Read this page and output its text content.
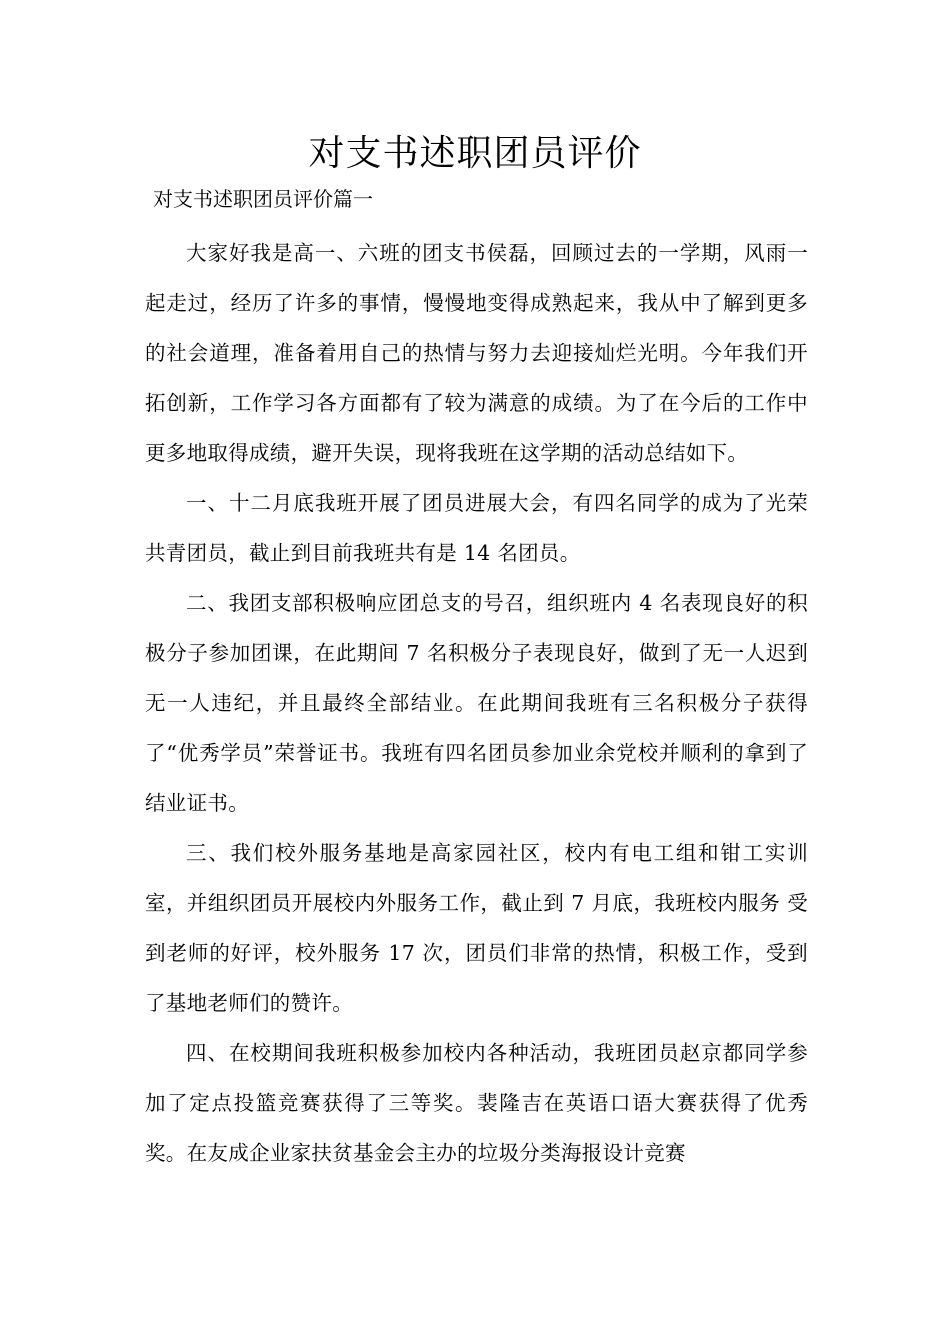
对支书述职团员评价

对支书述职团员评价篇一

大家好我是高一、六班的团支书侯磊，回顾过去的一学期，风雨一起走过，经历了许多的事情，慢慢地变得成熟起来，我从中了解到更多的社会道理，准备着用自己的热情与努力去迎接灿烂光明。今年我们开拓创新，工作学习各方面都有了较为满意的成绩。为了在今后的工作中更多地取得成绩，避开失误，现将我班在这学期的活动总结如下。

一、十二月底我班开展了团员进展大会，有四名同学的成为了光荣共青团员，截止到目前我班共有是 14 名团员。

二、我团支部积极响应团总支的号召，组织班内 4 名表现良好的积极分子参加团课，在此期间 7 名积极分子表现良好，做到了无一人迟到无一人违纪，并且最终全部结业。在此期间我班有三名积极分子获得了“优秀学员”荣誉证书。我班有四名团员参加业余党校并顺利的拿到了结业证书。

三、我们校外服务基地是高家园社区，校内有电工组和钳工实训室，并组织团员开展校内外服务工作，截止到 7 月底，我班校内服务 受到老师的好评，校外服务 17 次，团员们非常的热情，积极工作，受到了基地老师们的赞许。

四、在校期间我班积极参加校内各种活动，我班团员赵京都同学参加了定点投篮竞赛获得了三等奖。裴隆吉在英语口语大赛获得了优秀奖。在友成企业家扶贫基金会主办的垃圾分类海报设计竞赛
